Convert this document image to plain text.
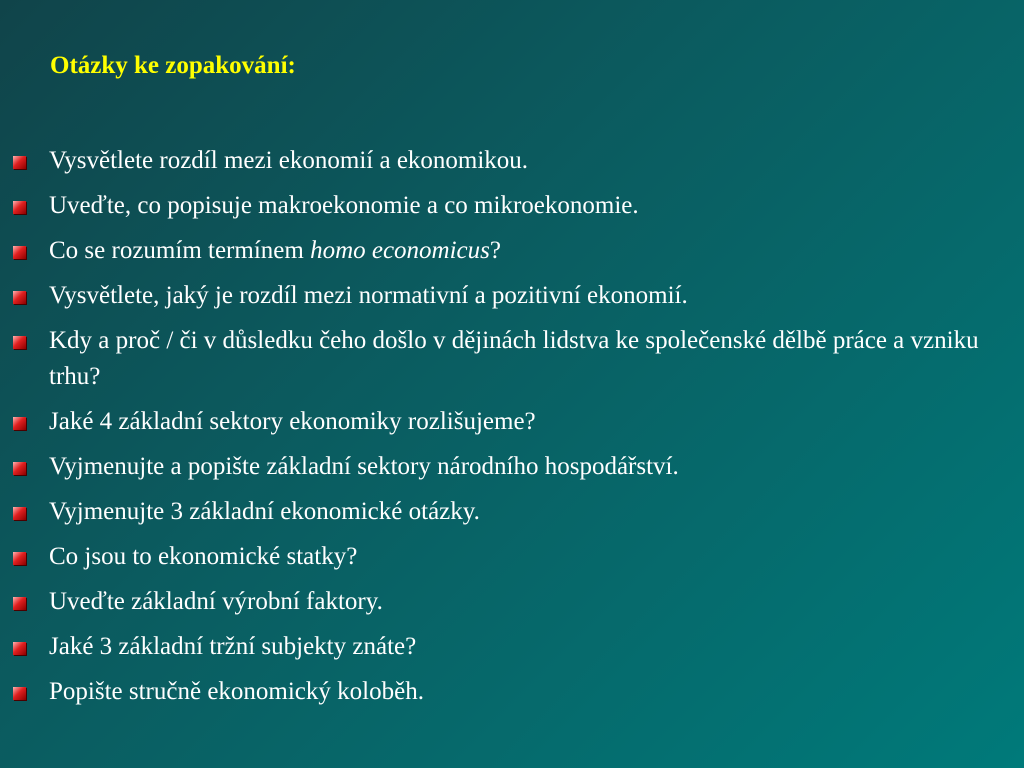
Otázky ke zopakování:
Vysvětlete rozdíl mezi ekonomií a ekonomikou.
Uveďte, co popisuje makroekonomie a co mikroekonomie.
Co se rozumím termínem homo economicus?
Vysvětlete, jaký je rozdíl mezi normativní a pozitivní ekonomií.
Kdy a proč / či v důsledku čeho došlo v dějinách lidstva ke společenské dělbě práce a vzniku trhu?
Jaké 4 základní sektory ekonomiky rozlišujeme?
Vyjmenujte a popište základní sektory národního hospodářství.
Vyjmenujte 3 základní ekonomické otázky.
Co jsou to ekonomické statky?
Uveďte základní výrobní faktory.
Jaké 3 základní tržní subjekty znáte?
Popište stručně ekonomický koloběh.
